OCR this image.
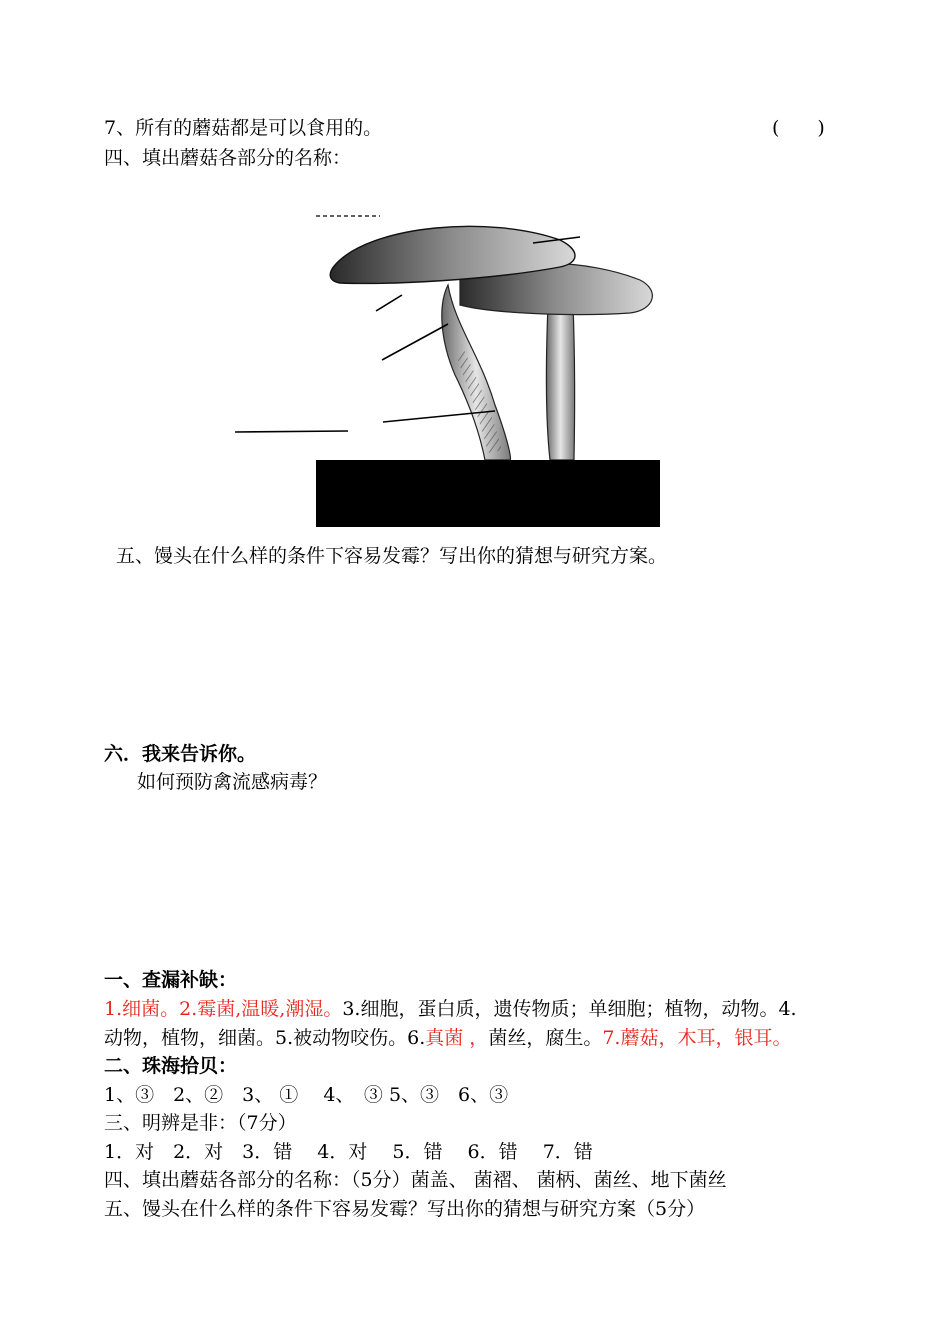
7、所有的蘑菇都是可以食用的。	(　　)
四、填出蘑菇各部分的名称：
五、馒头在什么样的条件下容易发霉？写出你的猜想与研究方案。
六．我来告诉你。
如何预防禽流感病毒？
一、查漏补缺：
1.细菌。2.霉菌,温暖,潮湿。3.细胞，蛋白质，遗传物质；单细胞；植物，动物。4.
动物，植物，细菌。5.被动物咬伤。6.真菌 ，菌丝，腐生。7.蘑菇，木耳，银耳。
二、珠海拾贝：
1、③　2、②　3、 ①　 4、　③ 5、③　6、③
三、明辨是非：（7分）
1．对　2．对　3．错　 4．对　 5．错　 6．错　 7．错
四、填出蘑菇各部分的名称：（5分）菌盖、 菌褶、 菌柄、菌丝、地下菌丝
五、馒头在什么样的条件下容易发霉？写出你的猜想与研究方案（5分）
